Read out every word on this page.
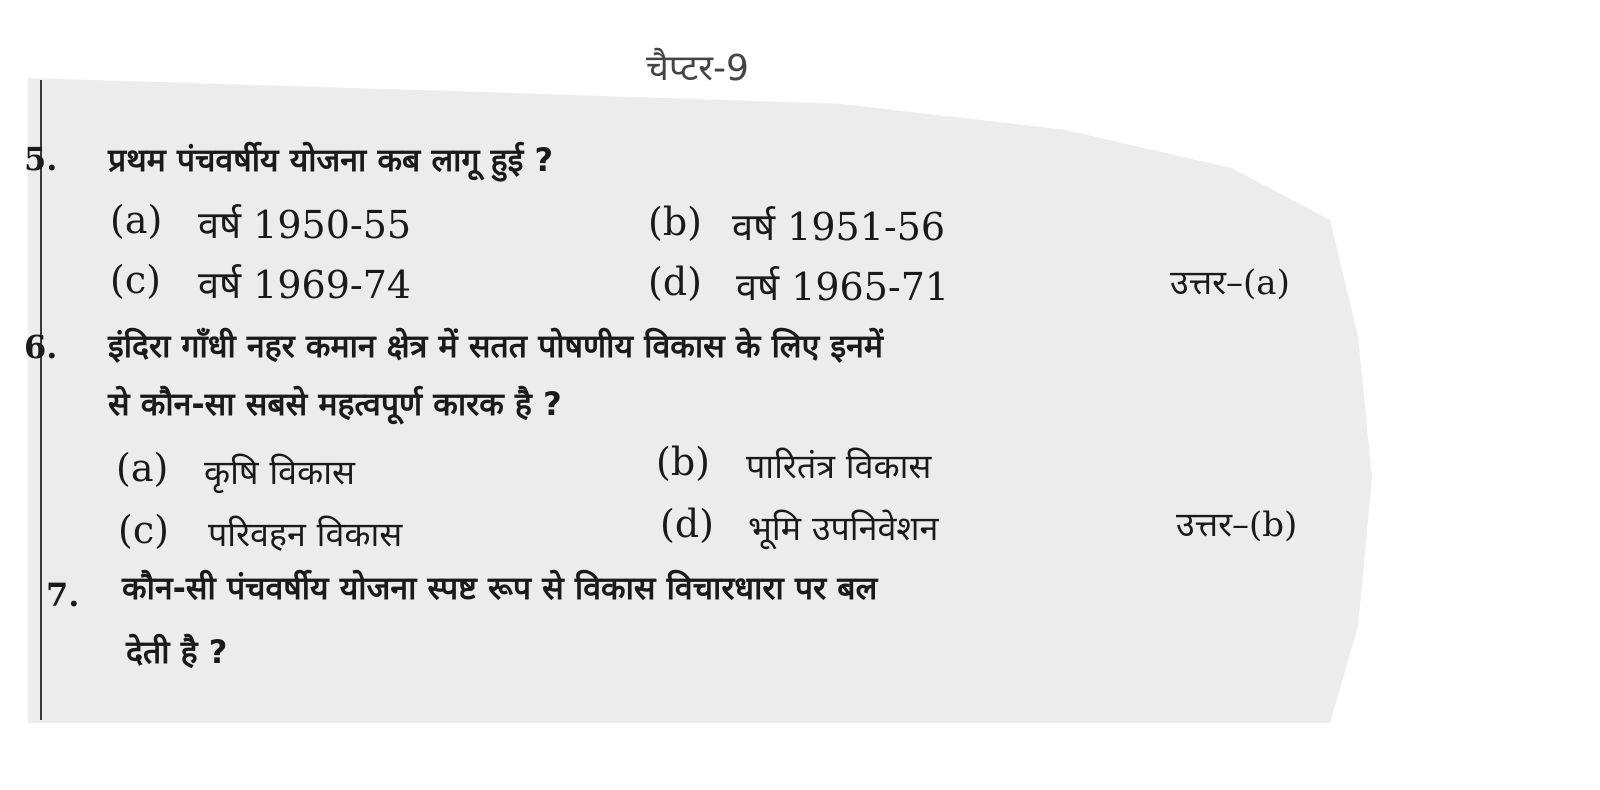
चैप्टर-9
5. प्रथम पंचवर्षीय योजना कब लागू हुई ?
(a) वर्ष 1950-55	(b) वर्ष 1951-56
(c) वर्ष 1969-74	(d) वर्ष 1965-71	उत्तर–(a)
6. इंदिरा गाँधी नहर कमान क्षेत्र में सतत पोषणीय विकास के लिए इनमें
से कौन-सा सबसे महत्वपूर्ण कारक है ?
(a) कृषि विकास	(b) पारितंत्र विकास
(c) परिवहन विकास	(d) भूमि उपनिवेशन	उत्तर–(b)
7. कौन-सी पंचवर्षीय योजना स्पष्ट रूप से विकास विचारधारा पर बल
देती है ?
